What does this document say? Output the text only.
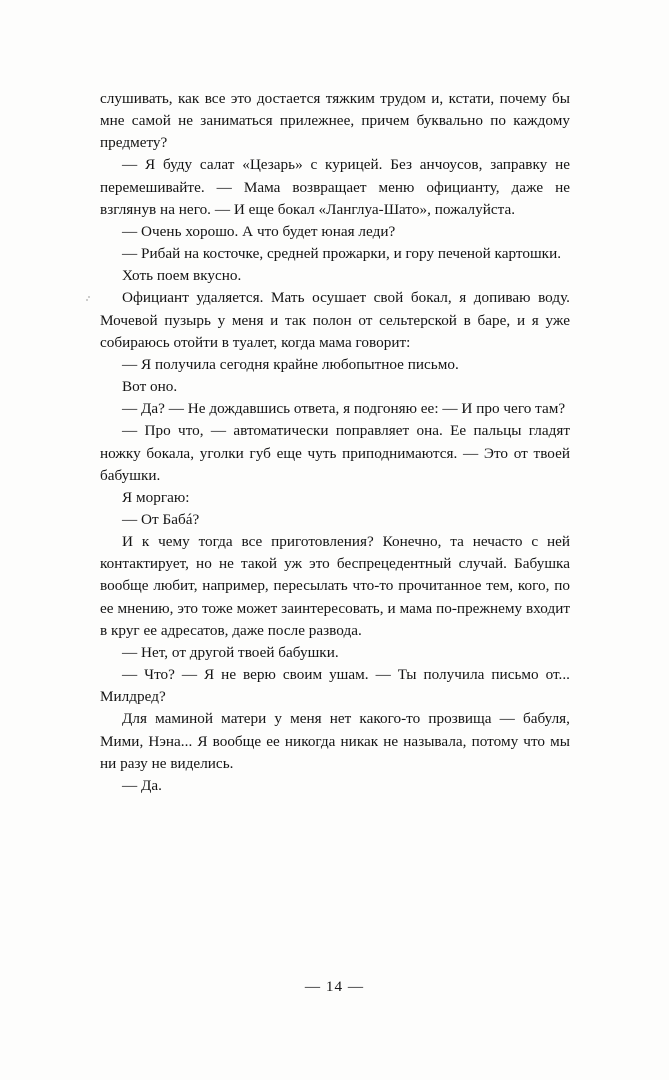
слушивать, как все это достается тяжким трудом и, кстати, почему бы мне самой не заниматься прилежнее, причем буквально по каждому предмету?

— Я буду салат «Цезарь» с курицей. Без анчоусов, заправку не перемешивайте. — Мама возвращает меню официанту, даже не взглянув на него. — И еще бокал «Ланглуа-Шато», пожалуйста.

— Очень хорошо. А что будет юная леди?

— Рибай на косточке, средней прожарки, и гору печеной картошки.

Хоть поем вкусно.

Официант удаляется. Мать осушает свой бокал, я допиваю воду. Мочевой пузырь у меня и так полон от сельтерской в баре, и я уже собираюсь отойти в туалет, когда мама говорит:

— Я получила сегодня крайне любопытное письмо.

Вот оно.

— Да? — Не дождавшись ответа, я подгоняю ее: — И про чего там?

— Про что, — автоматически поправляет она. Ее пальцы гладят ножку бокала, уголки губ еще чуть приподнимаются. — Это от твоей бабушки.

Я моргаю:

— От Бабá?

И к чему тогда все приготовления? Конечно, та нечасто с ней контактирует, но не такой уж это беспрецедентный случай. Бабушка вообще любит, например, пересылать что-то прочитанное тем, кого, по ее мнению, это тоже может заинтересовать, и мама по-прежнему входит в круг ее адресатов, даже после развода.

— Нет, от другой твоей бабушки.

— Что? — Я не верю своим ушам. — Ты получила письмо от... Милдред?

Для маминой матери у меня нет какого-то прозвища — бабуля, Мими, Нэна... Я вообще ее никогда никак не называла, потому что мы ни разу не виделись.

— Да.

— 14 —
